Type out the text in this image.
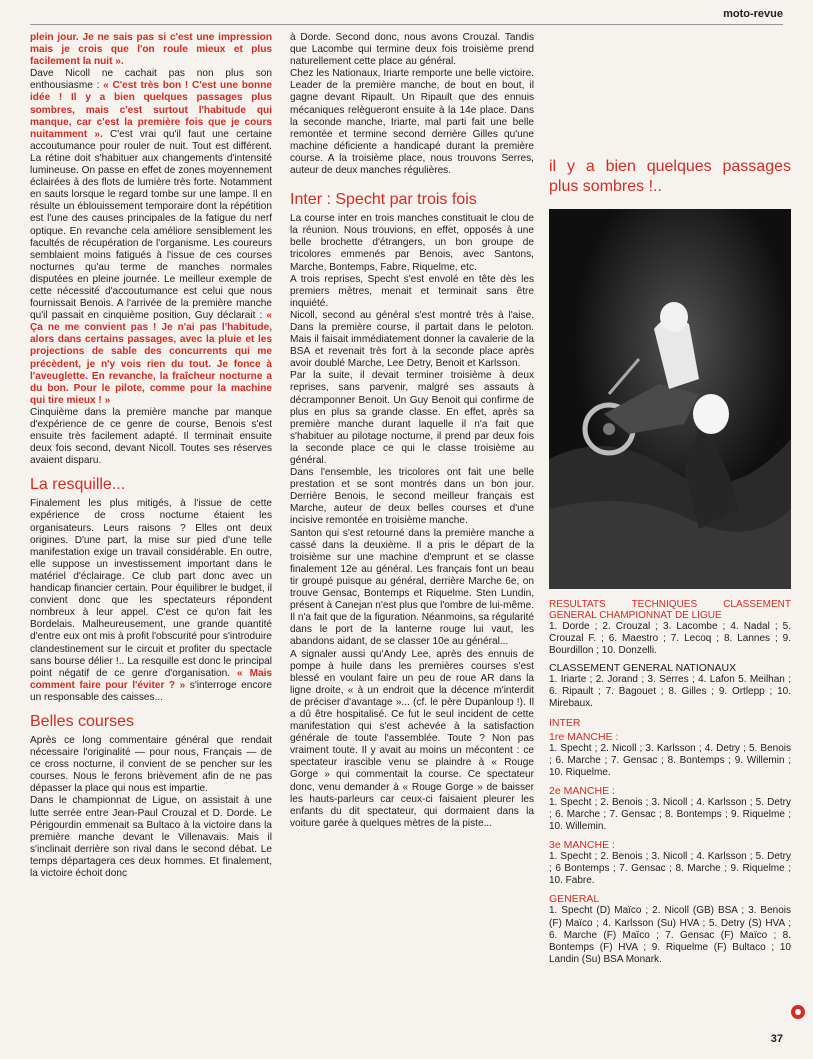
moto-revue

plein jour. Je ne sais pas si c'est une impression mais je crois que l'on roule mieux et plus facilement la nuit ».

Dave Nicoll ne cachait pas non plus son enthousiasme : « C'est très bon ! C'est une bonne idée ! Il y a bien quelques passages plus sombres, mais c'est surtout l'habitude qui manque, car c'est la première fois que je cours nuitamment ». C'est vrai qu'il faut une certaine accoutumance pour rouler de nuit. Tout est différent. La rétine doit s'habituer aux changements d'intensité lumineuse. On passe en effet de zones moyennement éclairées à des flots de lumière très forte. Notamment en sauts lorsque le regard tombe sur une lampe. Il en résulte un éblouissement temporaire dont la répétition est l'une des causes principales de la fatigue du nerf optique. En revanche cela améliore sensiblement les facultés de récupération de l'organisme. Les coureurs semblaient moins fatigués à l'issue de ces courses nocturnes qu'au terme de manches normales disputées en pleine journée. Le meilleur exemple de cette nécessité d'accoutumance est celui que nous fournissait Benois. A l'arrivée de la première manche qu'il passait en cinquième position, Guy déclarait : « Ça ne me convient pas ! Je n'ai pas l'habitude, alors dans certains passages, avec la pluie et les projections de sable des concurrents qui me précèdent, je n'y vois rien du tout. Je fonce à l'aveuglette. En revanche, la fraîcheur nocturne a du bon. Pour le pilote, comme pour la machine qui tire mieux ! »

Cinquième dans la première manche par manque d'expérience de ce genre de course, Benois s'est ensuite très facilement adapté. Il terminait ensuite deux fois second, devant Nicoll. Toutes ses réserves avaient disparu.

La resquille...

Finalement les plus mitigés, à l'issue de cette expérience de cross nocturne étaient les organisateurs. Leurs raisons ? Elles ont deux origines. D'une part, la mise sur pied d'une telle manifestation exige un travail considérable. En outre, elle suppose un investissement important dans le matériel d'éclairage. Ce club part donc avec un handicap financier certain. Pour équilibrer le budget, il convient donc que les spectateurs répondent nombreux à leur appel. C'est ce qu'on fait les Bordelais. Malheureusement, une grande quantité d'entre eux ont mis à profit l'obscurité pour s'introduire clandestinement sur le circuit et profiter du spectacle sans bourse délier !.. La resquille est donc le principal point négatif de ce genre d'organisation. « Mais comment faire pour l'éviter ? » s'interroge encore un responsable des caisses...

Belles courses

Après ce long commentaire général que rendait nécessaire l'originalité — pour nous, Français — de ce cross nocturne, il convient de se pencher sur les courses. Nous le ferons brièvement afin de ne pas dépasser la place qui nous est impartie.

Dans le championnat de Ligue, on assistait à une lutte serrée entre Jean-Paul Crouzal et D. Dorde. Le Périgourdin emmenait sa Bultaco à la victoire dans la première manche devant le Villenavais. Mais il s'inclinait derrière son rival dans le second débat. Le temps départagera ces deux hommes. Et finalement, la victoire échoit donc

à Dorde. Second donc, nous avons Crouzal. Tandis que Lacombe qui termine deux fois troisième prend naturellement cette place au général.

Chez les Nationaux, Iriarte remporte une belle victoire. Leader de la première manche, de bout en bout, il gagne devant Ripault. Un Ripault que des ennuis mécaniques relègueront ensuite à la 14e place. Dans la seconde manche, Iriarte, mal parti fait une belle remontée et termine second derrière Gilles qu'une machine déficiente a handicapé durant la première course. A la troisième place, nous trouvons Serres, auteur de deux manches régulières.

Inter : Specht par trois fois

La course inter en trois manches constituait le clou de la réunion. Nous trouvions, en effet, opposés à une belle brochette d'étrangers, un bon groupe de tricolores emmenés par Benois, avec Santons, Marche, Bontemps, Fabre, Riquelme, etc.

A trois reprises, Specht s'est envolé en tête dès les premiers mètres, menait et terminait sans être inquiété.

Nicoll, second au général s'est montré très à l'aise. Dans la première course, il partait dans le peloton. Mais il faisait immédiatement donner la cavalerie de la BSA et revenait très fort à la seconde place après avoir doublé Marche, Lee Detry, Benoit et Karlsson.

Par la suite, il devait terminer troisième à deux reprises, sans parvenir, malgré ses assauts à décramponner Benoit. Un Guy Benoit qui confirme de plus en plus sa grande classe. En effet, après sa première manche durant laquelle il n'a fait que s'habituer au pilotage nocturne, il prend par deux fois la seconde place ce qui le classe troisième au général.

Dans l'ensemble, les tricolores ont fait une belle prestation et se sont montrés dans un bon jour. Derrière Benois, le second meilleur français est Marche, auteur de deux belles courses et d'une incisive remontée en troisième manche.

Santon qui s'est retourné dans la première manche a cassé dans la deuxième. Il a pris le départ de la troisième sur une machine d'emprunt et se classe finalement 12e au général. Les français font un beau tir groupé puisque au général, derrière Marche 6e, on trouve Gensac, Bontemps et Riquelme. Sten Lundin, présent à Canejan n'est plus que l'ombre de lui-même. Il n'a fait que de la figuration. Néanmoins, sa régularité dans le port de la lanterne rouge lui vaut, les abandons aidant, de se classer 10e au général...

A signaler aussi qu'Andy Lee, après des ennuis de pompe à huile dans les premières courses s'est blessé en voulant faire un peu de roue AR dans la ligne droite, « à un endroit que la décence m'interdit de préciser d'avantage »... (cf. le père Dupanloup !). Il a dû être hospitalisé. Ce fut le seul incident de cette manifestation qui s'est achevée à la satisfaction générale de toute l'assemblée. Toute ? Non pas vraiment toute. Il y avait au moins un mécontent : ce spectateur irascible venu se plaindre à « Rouge Gorge » qui commentait la course. Ce spectateur donc, venu demander à « Rouge Gorge » de baisser les hauts-parleurs car ceux-ci faisaient pleurer les enfants du dit spectateur, qui dormaient dans la voiture garée à quelques mètres de la piste...

il y a bien quelques passages plus sombres !..
RESULTATS TECHNIQUES CLASSEMENT GENERAL CHAMPIONNAT DE LIGUE
1. Dorde ; 2. Crouzal ; 3. Lacombe ; 4. Nadal ; 5. Crouzal F. ; 6. Maestro ; 7. Lecoq ; 8. Lannes ; 9. Bourdillon ; 10. Donzelli.
CLASSEMENT GENERAL NATIONAUX
1. Iriarte ; 2. Jorand ; 3. Serres ; 4. Lafon 5. Meilhan ; 6. Ripault ; 7. Bagouet ; 8. Gilles ; 9. Ortlepp ; 10. Mirebaux.
INTER
1re MANCHE :
1. Specht ; 2. Nicoll ; 3. Karlsson ; 4. Detry ; 5. Benois ; 6. Marche ; 7. Gensac ; 8. Bontemps ; 9. Willemin ; 10. Riquelme.
2e MANCHE :
1. Specht ; 2. Benois ; 3. Nicoll ; 4. Karlsson ; 5. Detry ; 6. Marche ; 7. Gensac ; 8. Bontemps ; 9. Riquelme ; 10. Willemin.
3e MANCHE :
1. Specht ; 2. Benois ; 3. Nicoll ; 4. Karlsson ; 5. Detry ; 6 Bontemps ; 7. Gensac ; 8. Marche ; 9. Riquelme ; 10. Fabre.
GENERAL
1. Specht (D) Maïco ; 2. Nicoll (GB) BSA ; 3. Benois (F) Maïco ; 4. Karlsson (Su) HVA ; 5. Detry (S) HVA ; 6. Marche (F) Maïco ; 7. Gensac (F) Maïco ; 8. Bontemps (F) HVA ; 9. Riquelme (F) Bultaco ; 10 Landin (Su) BSA Monark.
37
